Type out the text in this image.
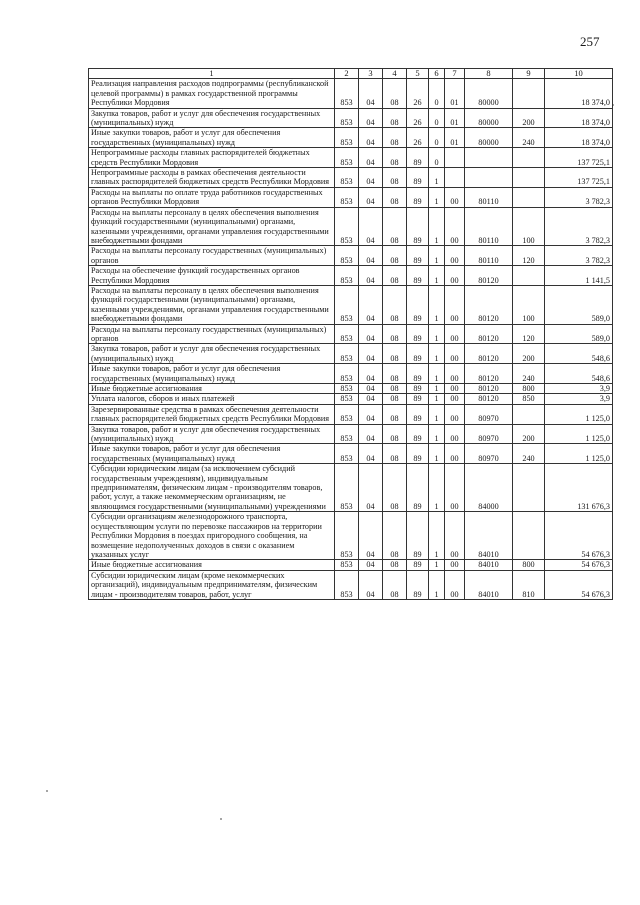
257
1	2	3	4	5	6	7	8	9	10
Реализация направления расходов подпрограммы (республиканской целевой программы) в рамках государственной программы Республики Мордовия	853	04	08	26	0	01	80000		18 374,0
Закупка товаров, работ и услуг для обеспечения государственных (муниципальных) нужд	853	04	08	26	0	01	80000	200	18 374,0
Иные закупки товаров, работ и услуг для обеспечения государственных (муниципальных) нужд	853	04	08	26	0	01	80000	240	18 374,0
Непрограммные расходы главных распорядителей бюджетных средств Республики Мордовия	853	04	08	89	0				137 725,1
Непрограммные расходы в рамках обеспечения деятельности главных распорядителей бюджетных средств Республики Мордовия	853	04	08	89	1				137 725,1
Расходы на выплаты по оплате труда работников государственных органов Республики Мордовия	853	04	08	89	1	00	80110		3 782,3
Расходы на выплаты персоналу в целях обеспечения выполнения функций государственными (муниципальными) органами, казенными учреждениями, органами управления государственными внебюджетными фондами	853	04	08	89	1	00	80110	100	3 782,3
Расходы на выплаты персоналу государственных (муниципальных) органов	853	04	08	89	1	00	80110	120	3 782,3
Расходы на обеспечение функций государственных органов Республики Мордовия	853	04	08	89	1	00	80120		1 141,5
Расходы на выплаты персоналу в целях обеспечения выполнения функций государственными (муниципальными) органами, казенными учреждениями, органами управления государственными внебюджетными фондами	853	04	08	89	1	00	80120	100	589,0
Расходы на выплаты персоналу государственных (муниципальных) органов	853	04	08	89	1	00	80120	120	589,0
Закупка товаров, работ и услуг для обеспечения государственных (муниципальных) нужд	853	04	08	89	1	00	80120	200	548,6
Иные закупки товаров, работ и услуг для обеспечения государственных (муниципальных) нужд	853	04	08	89	1	00	80120	240	548,6
Иные бюджетные ассигнования	853	04	08	89	1	00	80120	800	3,9
Уплата налогов, сборов и иных платежей	853	04	08	89	1	00	80120	850	3,9
Зарезервированные средства в рамках обеспечения деятельности главных распорядителей бюджетных средств Республики Мордовия	853	04	08	89	1	00	80970		1 125,0
Закупка товаров, работ и услуг для обеспечения государственных (муниципальных) нужд	853	04	08	89	1	00	80970	200	1 125,0
Иные закупки товаров, работ и услуг для обеспечения государственных (муниципальных) нужд	853	04	08	89	1	00	80970	240	1 125,0
Субсидии юридическим лицам (за исключением субсидий государственным учреждениям), индивидуальным предпринимателям, физическим лицам - производителям товаров, работ, услуг, а также некоммерческим организациям, не являющимся государственными (муниципальными) учреждениями	853	04	08	89	1	00	84000		131 676,3
Субсидии организациям железнодорожного транспорта, осуществляющим услуги по перевозке пассажиров на территории Республики Мордовия в поездах пригородного сообщения, на возмещение недополученных доходов в связи с оказанием указанных услуг	853	04	08	89	1	00	84010		54 676,3
Иные бюджетные ассигнования	853	04	08	89	1	00	84010	800	54 676,3
Субсидии юридическим лицам (кроме некоммерческих организаций), индивидуальным предпринимателям, физическим лицам - производителям товаров, работ, услуг	853	04	08	89	1	00	84010	810	54 676,3
